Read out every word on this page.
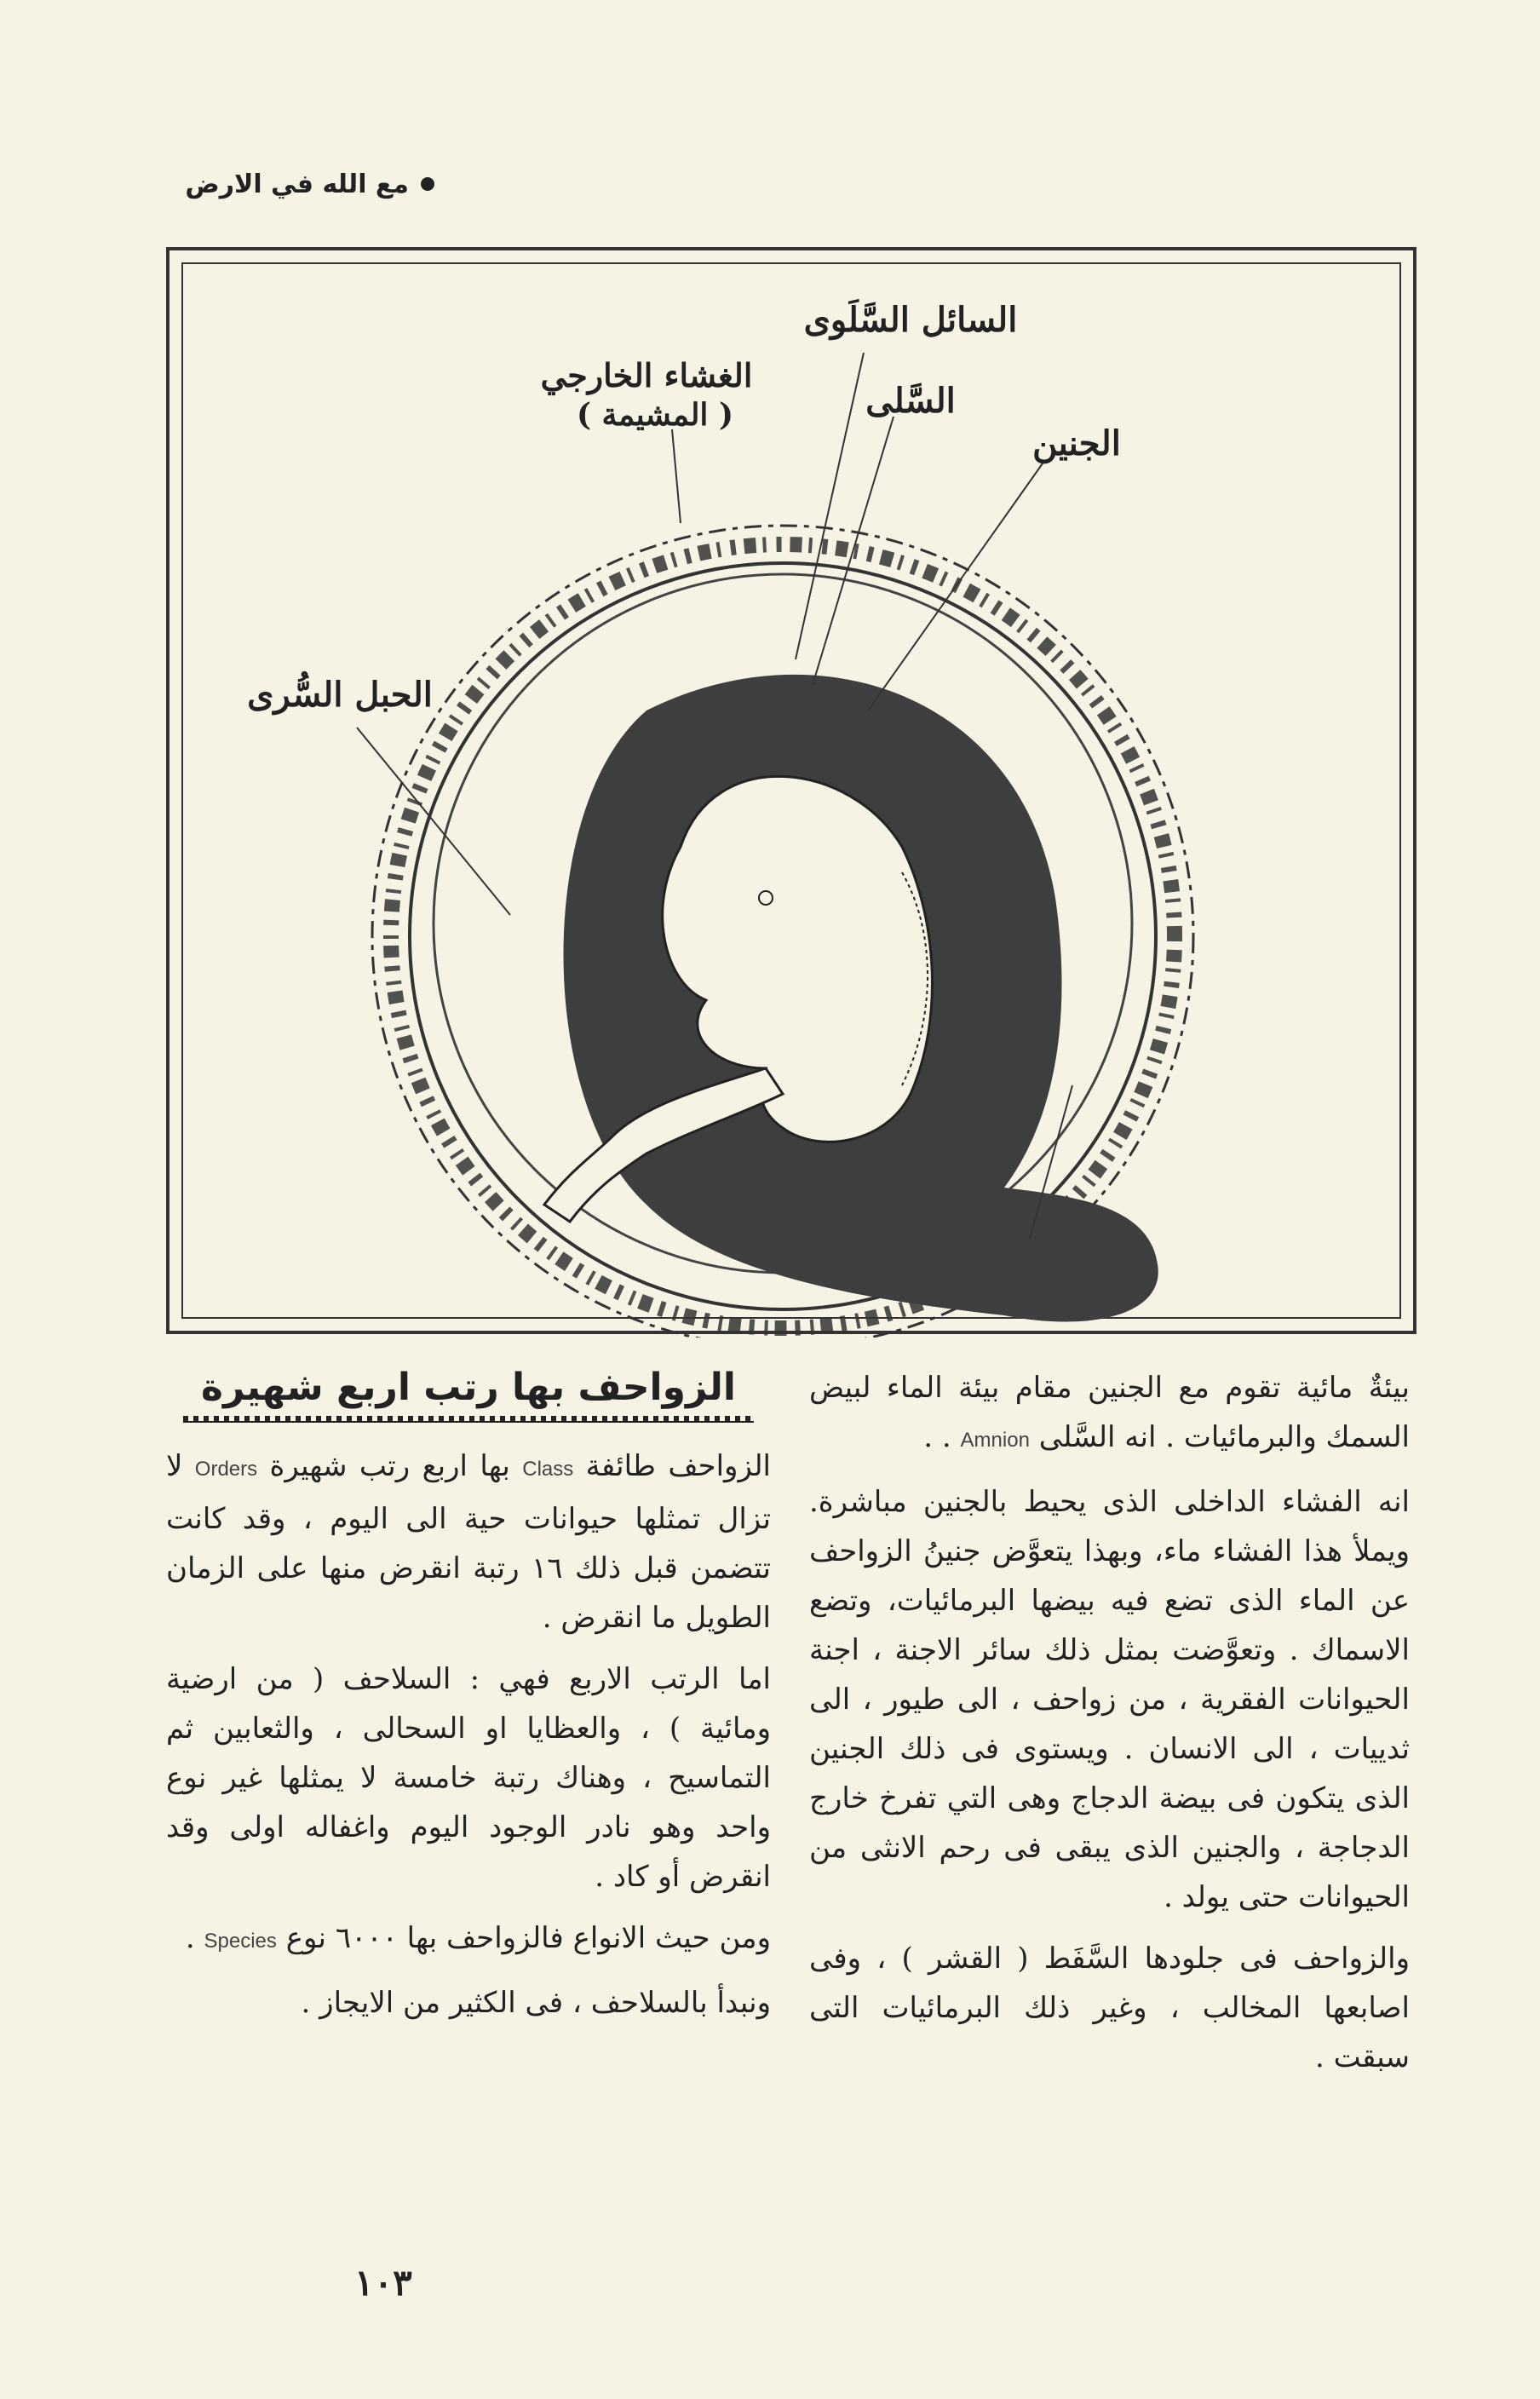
مع الله في الارض
السائل السَّلَوى
الغشاء الخارجي
( المشيمة )	السَّلى
الجنين
الحبل السُّرى

بيئةٌ مائية تقوم مع الجنين مقام بيئة الماء لبيض السمك والبرمائيات . انه السَّلى Amnion . .

انه الفشاء الداخلى الذى يحيط بالجنين مباشرة. ويملأ هذا الفشاء ماء، وبهذا يتعوَّض جنينُ الزواحف عن الماء الذى تضع فيه بيضها البرمائيات، وتضع الاسماك . وتعوَّضت بمثل ذلك سائر الاجنة ، اجنة الحيوانات الفقرية ، من زواحف ، الى طيور ، الى ثدييات ، الى الانسان . ويستوى فى ذلك الجنين الذى يتكون فى بيضة الدجاج وهى التي تفرخ خارج الدجاجة ، والجنين الذى يبقى فى رحم الانثى من الحيوانات حتى يولد .

والزواحف فى جلودها السَّفَط ( القشر ) ، وفى اصابعها المخالب ، وغير ذلك البرمائيات التى سبقت .

الزواحف بها رتب اربع شهيرة

الزواحف طائفة Class بها اربع رتب شهيرة Orders لا تزال تمثلها حيوانات حية الى اليوم ، وقد كانت تتضمن قبل ذلك ١٦ رتبة انقرض منها على الزمان الطويل ما انقرض .

اما الرتب الاربع فهي : السلاحف ( من ارضية ومائية ) ، والعظايا او السحالى ، والثعابين ثم التماسيح ، وهناك رتبة خامسة لا يمثلها غير نوع واحد وهو نادر الوجود اليوم واغفاله اولى وقد انقرض أو كاد .

ومن حيث الانواع فالزواحف بها ٦٠٠٠ نوع Species .

ونبدأ بالسلاحف ، فى الكثير من الايجاز .

١٠٣
